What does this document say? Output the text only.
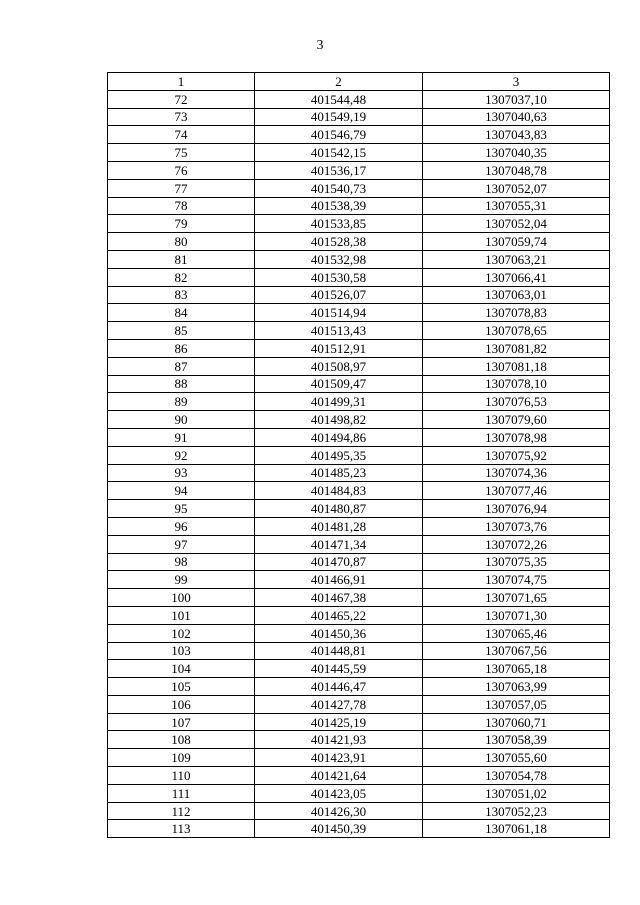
3
1	2	3
72	401544,48	1307037,10
73	401549,19	1307040,63
74	401546,79	1307043,83
75	401542,15	1307040,35
76	401536,17	1307048,78
77	401540,73	1307052,07
78	401538,39	1307055,31
79	401533,85	1307052,04
80	401528,38	1307059,74
81	401532,98	1307063,21
82	401530,58	1307066,41
83	401526,07	1307063,01
84	401514,94	1307078,83
85	401513,43	1307078,65
86	401512,91	1307081,82
87	401508,97	1307081,18
88	401509,47	1307078,10
89	401499,31	1307076,53
90	401498,82	1307079,60
91	401494,86	1307078,98
92	401495,35	1307075,92
93	401485,23	1307074,36
94	401484,83	1307077,46
95	401480,87	1307076,94
96	401481,28	1307073,76
97	401471,34	1307072,26
98	401470,87	1307075,35
99	401466,91	1307074,75
100	401467,38	1307071,65
101	401465,22	1307071,30
102	401450,36	1307065,46
103	401448,81	1307067,56
104	401445,59	1307065,18
105	401446,47	1307063,99
106	401427,78	1307057,05
107	401425,19	1307060,71
108	401421,93	1307058,39
109	401423,91	1307055,60
110	401421,64	1307054,78
111	401423,05	1307051,02
112	401426,30	1307052,23
113	401450,39	1307061,18
